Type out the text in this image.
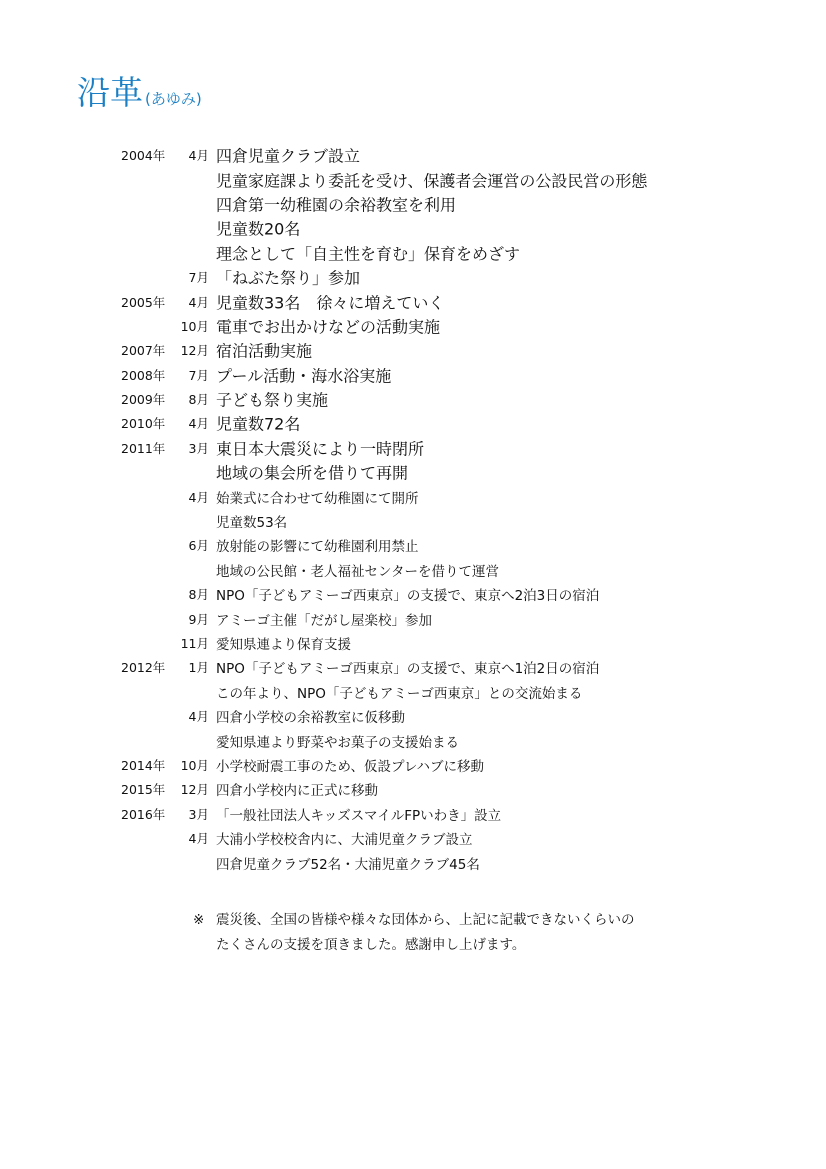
沿革 (あゆみ)
2004年 4月 四倉児童クラブ設立
児童家庭課より委託を受け、保護者会運営の公設民営の形態
四倉第一幼稚園の余裕教室を利用
児童数20名
理念として「自主性を育む」保育をめざす
7月 「ねぶた祭り」参加
2005年 4月 児童数33名　徐々に増えていく
10月 電車でお出かけなどの活動実施
2007年 12月 宿泊活動実施
2008年 7月 プール活動・海水浴実施
2009年 8月 子ども祭り実施
2010年 4月 児童数72名
2011年 3月 東日本大震災により一時閉所
地域の集会所を借りて再開
4月 始業式に合わせて幼稚園にて開所
児童数53名
6月 放射能の影響にて幼稚園利用禁止
地域の公民館・老人福祉センターを借りて運営
8月 NPO「子どもアミーゴ西東京」の支援で、東京へ2泊3日の宿泊
9月 アミーゴ主催「だがし屋楽校」参加
11月 愛知県連より保育支援
2012年 1月 NPO「子どもアミーゴ西東京」の支援で、東京へ1泊2日の宿泊
この年より、NPO「子どもアミーゴ西東京」との交流始まる
4月 四倉小学校の余裕教室に仮移動
愛知県連より野菜やお菓子の支援始まる
2014年 10月 小学校耐震工事のため、仮設プレハブに移動
2015年 12月 四倉小学校内に正式に移動
2016年 3月 「一般社団法人キッズスマイルFPいわき」設立
4月 大浦小学校校舎内に、大浦児童クラブ設立
四倉児童クラブ52名・大浦児童クラブ45名
※ 震災後、全国の皆様や様々な団体から、上記に記載できないくらいの
たくさんの支援を頂きました。感謝申し上げます。
